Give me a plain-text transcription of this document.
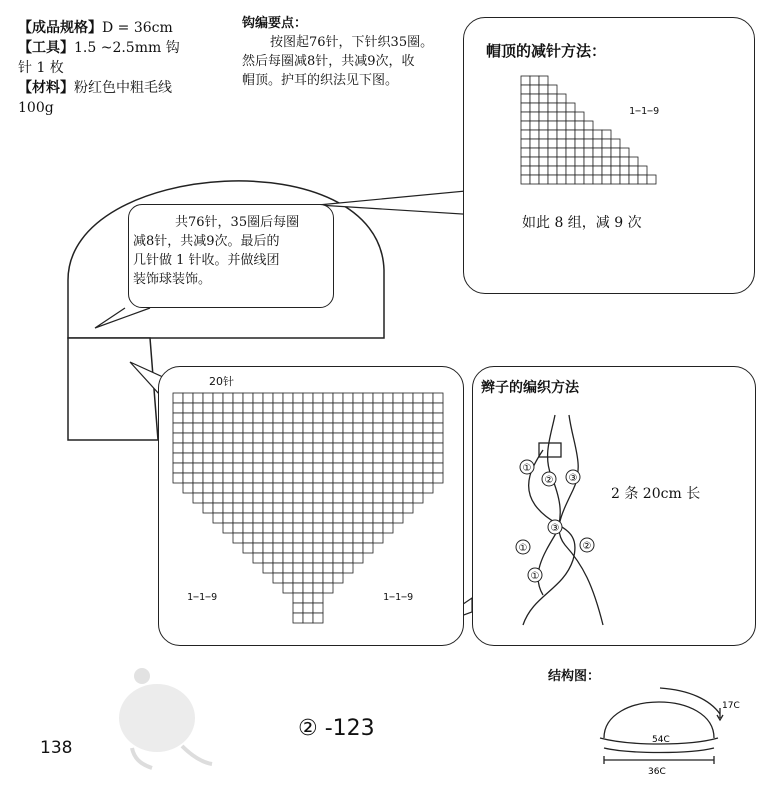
【成品规格】D = 36cm
【工具】1.5 ~2.5mm 钩
针 1 枚
【材料】粉红色中粗毛线
100g
钩编要点：
按图起76针，下针织35圈。
然后每圈减8针，共减9次，收
帽顶。护耳的织法见下图。
共76针，35圈后每圈
减8针，共减9次。最后的
几针做 1 针收。并做线团
装饰球装饰。
帽顶的减针方法：
1−1−9
如此 8 组，减 9 次
20针
1−1−9	1−1−9
辫子的编织方法
①
② ③
①	②
③
①
2 条 20cm 长
结构图：
17C
54C
36C
138
② -123
